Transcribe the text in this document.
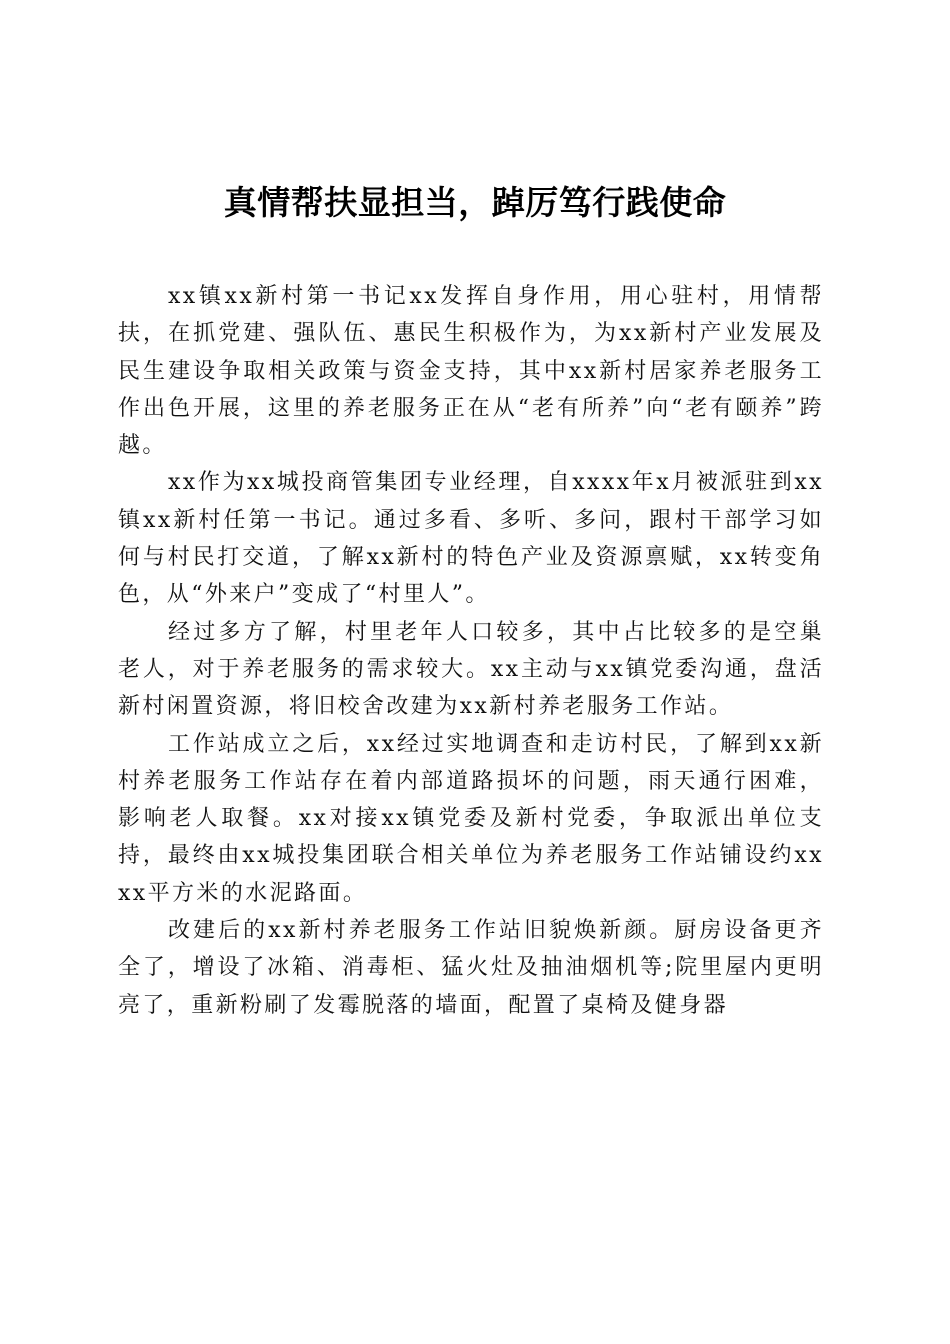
真情帮扶显担当，踔厉笃行践使命

xx镇xx新村第一书记xx发挥自身作用，用心驻村，用情帮扶，在抓党建、强队伍、惠民生积极作为，为xx新村产业发展及民生建设争取相关政策与资金支持，其中xx新村居家养老服务工作出色开展，这里的养老服务正在从“老有所养”向“老有颐养”跨越。

xx作为xx城投商管集团专业经理，自xxxx年x月被派驻到xx镇xx新村任第一书记。通过多看、多听、多问，跟村干部学习如何与村民打交道，了解xx新村的特色产业及资源禀赋，xx转变角色，从“外来户”变成了“村里人”。

经过多方了解，村里老年人口较多，其中占比较多的是空巢老人，对于养老服务的需求较大。xx主动与xx镇党委沟通，盘活新村闲置资源，将旧校舍改建为xx新村养老服务工作站。

工作站成立之后，xx经过实地调查和走访村民，了解到xx新村养老服务工作站存在着内部道路损坏的问题，雨天通行困难，影响老人取餐。xx对接xx镇党委及新村党委，争取派出单位支持，最终由xx城投集团联合相关单位为养老服务工作站铺设约xxxx平方米的水泥路面。

改建后的xx新村养老服务工作站旧貌焕新颜。厨房设备更齐全了，增设了冰箱、消毒柜、猛火灶及抽油烟机等;院里屋内更明亮了，重新粉刷了发霉脱落的墙面，配置了桌椅及健身器
